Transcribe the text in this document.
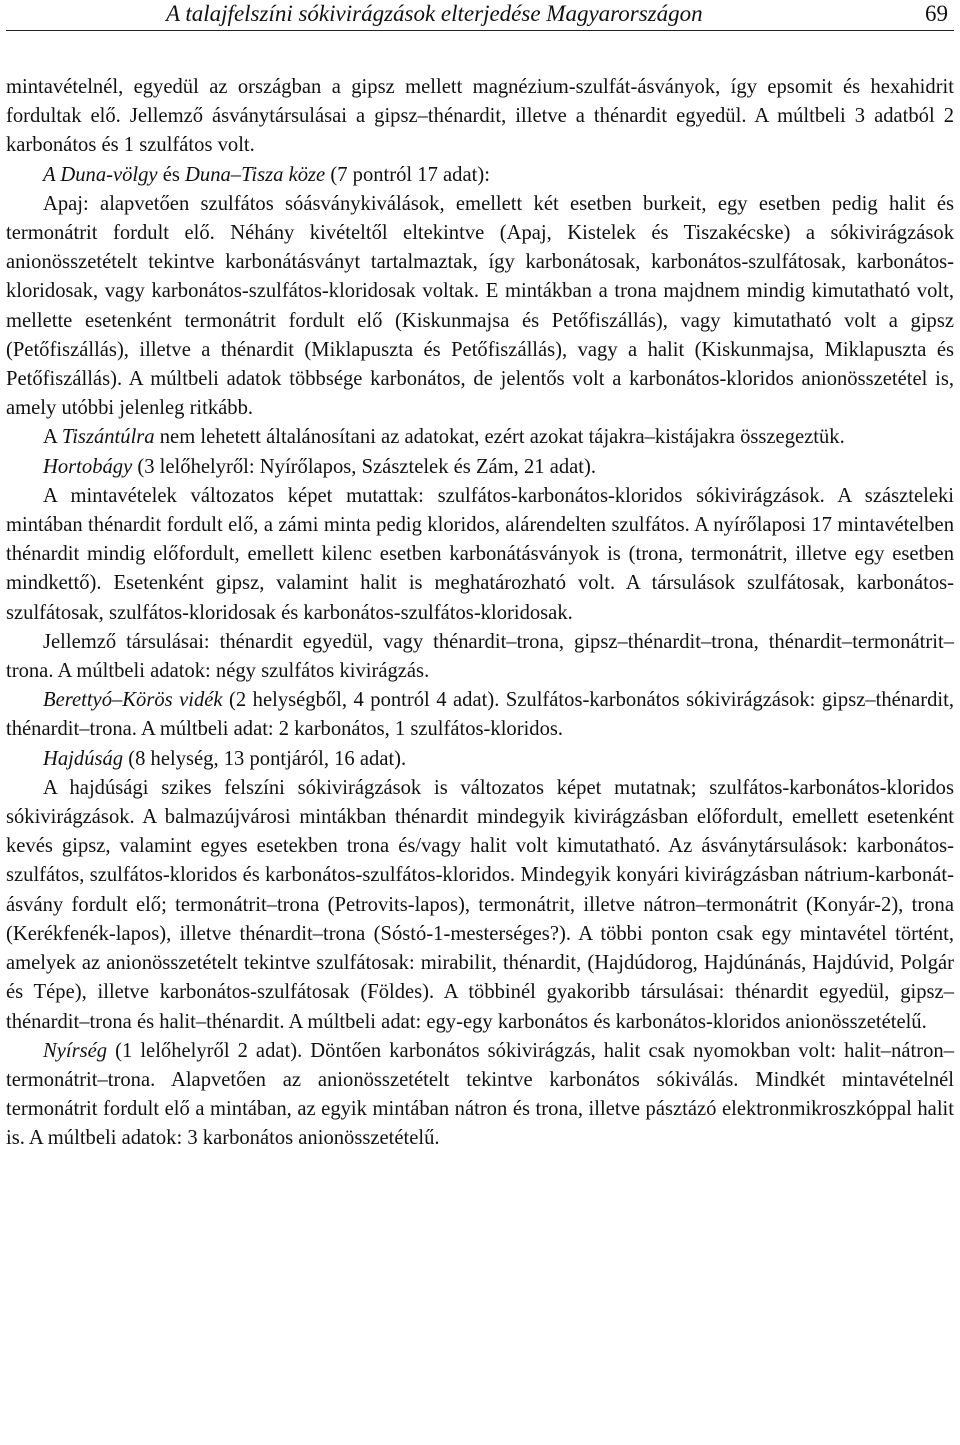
A talajfelszíni sókivirágzások elterjedése Magyarországon	69

mintavételnél, egyedül az országban a gipsz mellett magnézium-szulfát-ásványok, így epsomit és hexahidrit fordultak elő. Jellemző ásványtársulásai a gipsz–thénardit, illetve a thénardit egyedül. A múltbeli 3 adatból 2 karbonátos és 1 szulfátos volt.

A Duna-völgy és Duna–Tisza köze (7 pontról 17 adat):

Apaj: alapvetően szulfátos sóásványkiválások, emellett két esetben burkeit, egy esetben pedig halit és termonátrit fordult elő. Néhány kivételtől eltekintve (Apaj, Kistelek és Tiszakécske) a sókivirágzások anionösszetételt tekintve karbonátásványt tartalmaztak, így karbonátosak, karbonátos-szulfátosak, karbonátos-kloridosak, vagy karbonátos-szulfátos-kloridosak voltak. E mintákban a trona majdnem mindig kimutatható volt, mellette esetenként termonátrit fordult elő (Kiskunmajsa és Petőfiszállás), vagy kimutatható volt a gipsz (Petőfiszállás), illetve a thénardit (Miklapuszta és Petőfiszállás), vagy a halit (Kiskunmajsa, Miklapuszta és Petőfiszállás). A múltbeli adatok többsége karbonátos, de jelentős volt a karbonátos-kloridos anionösszetétel is, amely utóbbi jelenleg ritkább.

A Tiszántúlra nem lehetett általánosítani az adatokat, ezért azokat tájakra–kistájakra összegeztük.

Hortobágy (3 lelőhelyről: Nyírőlapos, Szásztelek és Zám, 21 adat).

A mintavételek változatos képet mutattak: szulfátos-karbonátos-kloridos sókivirágzások. A szászteleki mintában thénardit fordult elő, a zámi minta pedig kloridos, alárendelten szulfátos. A nyírőlaposi 17 mintavételben thénardit mindig előfordult, emellett kilenc esetben karbonátásványok is (trona, termonátrit, illetve egy esetben mindkettő). Esetenként gipsz, valamint halit is meghatározható volt. A társulások szulfátosak, karbonátos-szulfátosak, szulfátos-kloridosak és karbonátos-szulfátos-kloridosak.

Jellemző társulásai: thénardit egyedül, vagy thénardit–trona, gipsz–thénardit–trona, thénardit–termonátrit–trona. A múltbeli adatok: négy szulfátos kivirágzás.

Berettyó–Körös vidék (2 helységből, 4 pontról 4 adat). Szulfátos-karbonátos sókivirágzások: gipsz–thénardit, thénardit–trona. A múltbeli adat: 2 karbonátos, 1 szulfátos-kloridos.

Hajdúság (8 helység, 13 pontjáról, 16 adat).

A hajdúsági szikes felszíni sókivirágzások is változatos képet mutatnak; szulfátos-karbonátos-kloridos sókivirágzások. A balmazújvárosi mintákban thénardit mindegyik kivirágzásban előfordult, emellett esetenként kevés gipsz, valamint egyes esetekben trona és/vagy halit volt kimutatható. Az ásványtársulások: karbonátos-szulfátos, szulfátos-kloridos és karbonátos-szulfátos-kloridos. Mindegyik konyári kivirágzásban nátrium-karbonát-ásvány fordult elő; termonátrit–trona (Petrovits-lapos), termonátrit, illetve nátron–termonátrit (Konyár-2), trona (Kerékfenék-lapos), illetve thénardit–trona (Sóstó-1-mesterséges?). A többi ponton csak egy mintavétel történt, amelyek az anionösszetételt tekintve szulfátosak: mirabilit, thénardit, (Hajdúdorog, Hajdúnánás, Hajdúvid, Polgár és Tépe), illetve karbonátos-szulfátosak (Földes). A többinél gyakoribb társulásai: thénardit egyedül, gipsz–thénardit–trona és halit–thénardit. A múltbeli adat: egy-egy karbonátos és karbonátos-kloridos anionösszetételű.

Nyírség (1 lelőhelyről 2 adat). Döntően karbonátos sókivirágzás, halit csak nyomokban volt: halit–nátron–termonátrit–trona. Alapvetően az anionösszetételt tekintve karbonátos sókiválás. Mindkét mintavételnél termonátrit fordult elő a mintában, az egyik mintában nátron és trona, illetve pásztázó elektronmikroszkóppal halit is. A múltbeli adatok: 3 karbonátos anionösszetételű.
